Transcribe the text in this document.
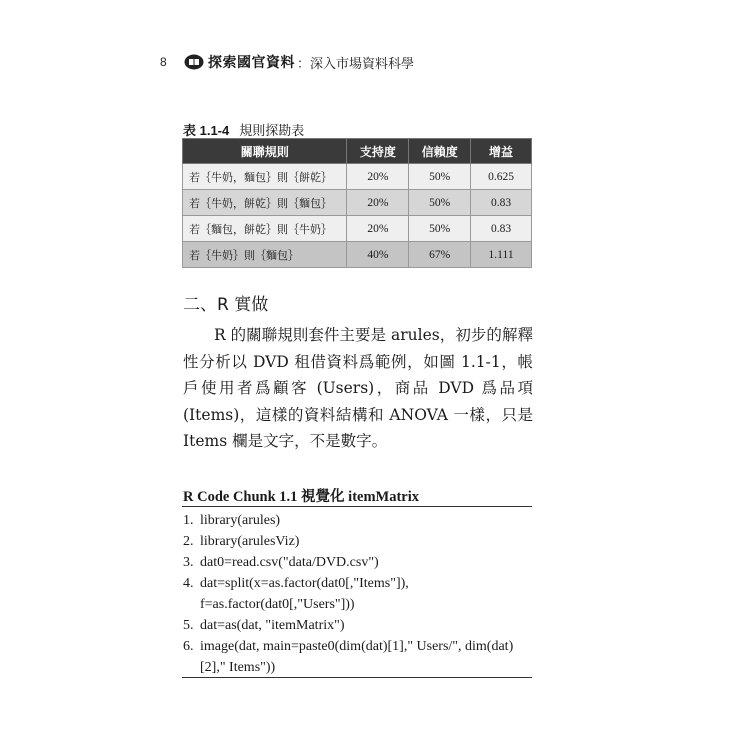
8	探索國官資料 ：深入市場資料科學
表 1.1-4 規則探勘表
關聯規則	支持度	信賴度	增益
若｛牛奶，麵包｝則｛餅乾｝	20%	50%	0.625
若｛牛奶，餅乾｝則｛麵包｝	20%	50%	0.83
若｛麵包，餅乾｝則｛牛奶｝	20%	50%	0.83
若｛牛奶｝則｛麵包｝	40%	67%	1.111
二、R 實做

R 的關聯規則套件主要是 arules，初步的解釋性分析以 DVD 租借資料爲範例，如圖 1.1-1，帳戶使用者爲顧客 (Users)，商品 DVD 爲品項 (Items)，這樣的資料結構和 ANOVA 一樣，只是 Items 欄是文字，不是數字。

R Code Chunk 1.1 視覺化 itemMatrix
1. library(arules)
2. library(arulesViz)
3. dat0=read.csv("data/DVD.csv")
4. dat=split(x=as.factor(dat0[,"Items"]), f=as.factor(dat0[,"Users"]))
5. dat=as(dat, "itemMatrix")
6. image(dat, main=paste0(dim(dat)[1]," Users/", dim(dat)[2]," Items"))
